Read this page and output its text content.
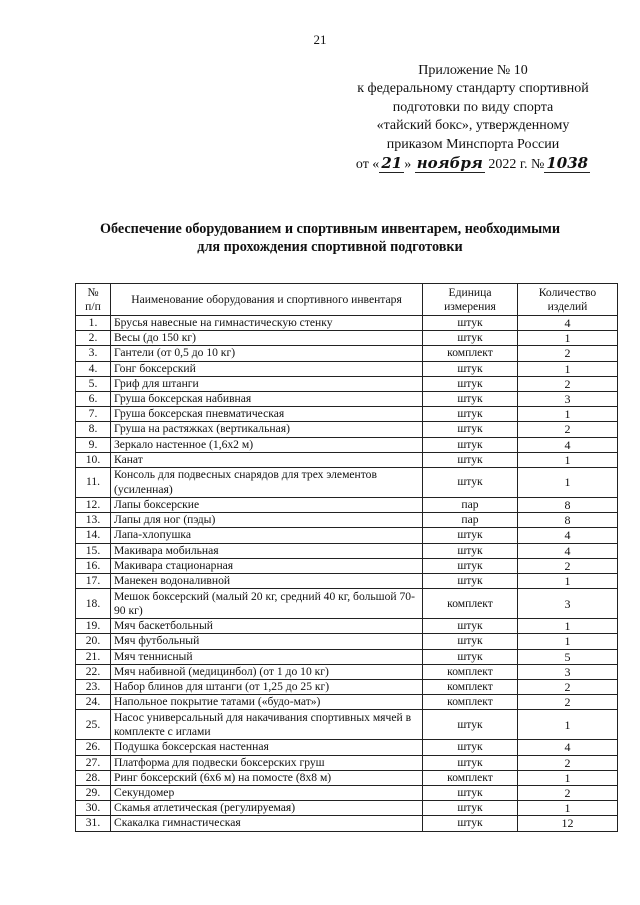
21
Приложение № 10
к федеральному стандарту спортивной
подготовки по виду спорта
«тайский бокс», утвержденному
приказом Минспорта России
от « 21 » ноября 2022 г. № 1038
Обеспечение оборудованием и спортивным инвентарем, необходимыми
для прохождения спортивной подготовки
№
п/п	Наименование оборудования и спортивного инвентаря	Единица
измерения	Количество
изделий
1.	Брусья навесные на гимнастическую стенку	штук	4
2.	Весы (до 150 кг)	штук	1
3.	Гантели (от 0,5 до 10 кг)	комплект	2
4.	Гонг боксерский	штук	1
5.	Гриф для штанги	штук	2
6.	Груша боксерская набивная	штук	3
7.	Груша боксерская пневматическая	штук	1
8.	Груша на растяжках (вертикальная)	штук	2
9.	Зеркало настенное (1,6х2 м)	штук	4
10.	Канат	штук	1
11.	Консоль для подвесных снарядов для трех элементов (усиленная)	штук	1
12.	Лапы боксерские	пар	8
13.	Лапы для ног (пэды)	пар	8
14.	Лапа-хлопушка	штук	4
15.	Макивара мобильная	штук	4
16.	Макивара стационарная	штук	2
17.	Манекен водоналивной	штук	1
18.	Мешок боксерский (малый 20 кг, средний 40 кг, большой 70-90 кг)	комплект	3
19.	Мяч баскетбольный	штук	1
20.	Мяч футбольный	штук	1
21.	Мяч теннисный	штук	5
22.	Мяч набивной (медицинбол) (от 1 до 10 кг)	комплект	3
23.	Набор блинов для штанги (от 1,25 до 25 кг)	комплект	2
24.	Напольное покрытие татами («будо-мат»)	комплект	2
25.	Насос универсальный для накачивания спортивных мячей в комплекте с иглами	штук	1
26.	Подушка боксерская настенная	штук	4
27.	Платформа для подвески боксерских груш	штук	2
28.	Ринг боксерский (6х6 м) на помосте (8х8 м)	комплект	1
29.	Секундомер	штук	2
30.	Скамья атлетическая (регулируемая)	штук	1
31.	Скакалка гимнастическая	штук	12
